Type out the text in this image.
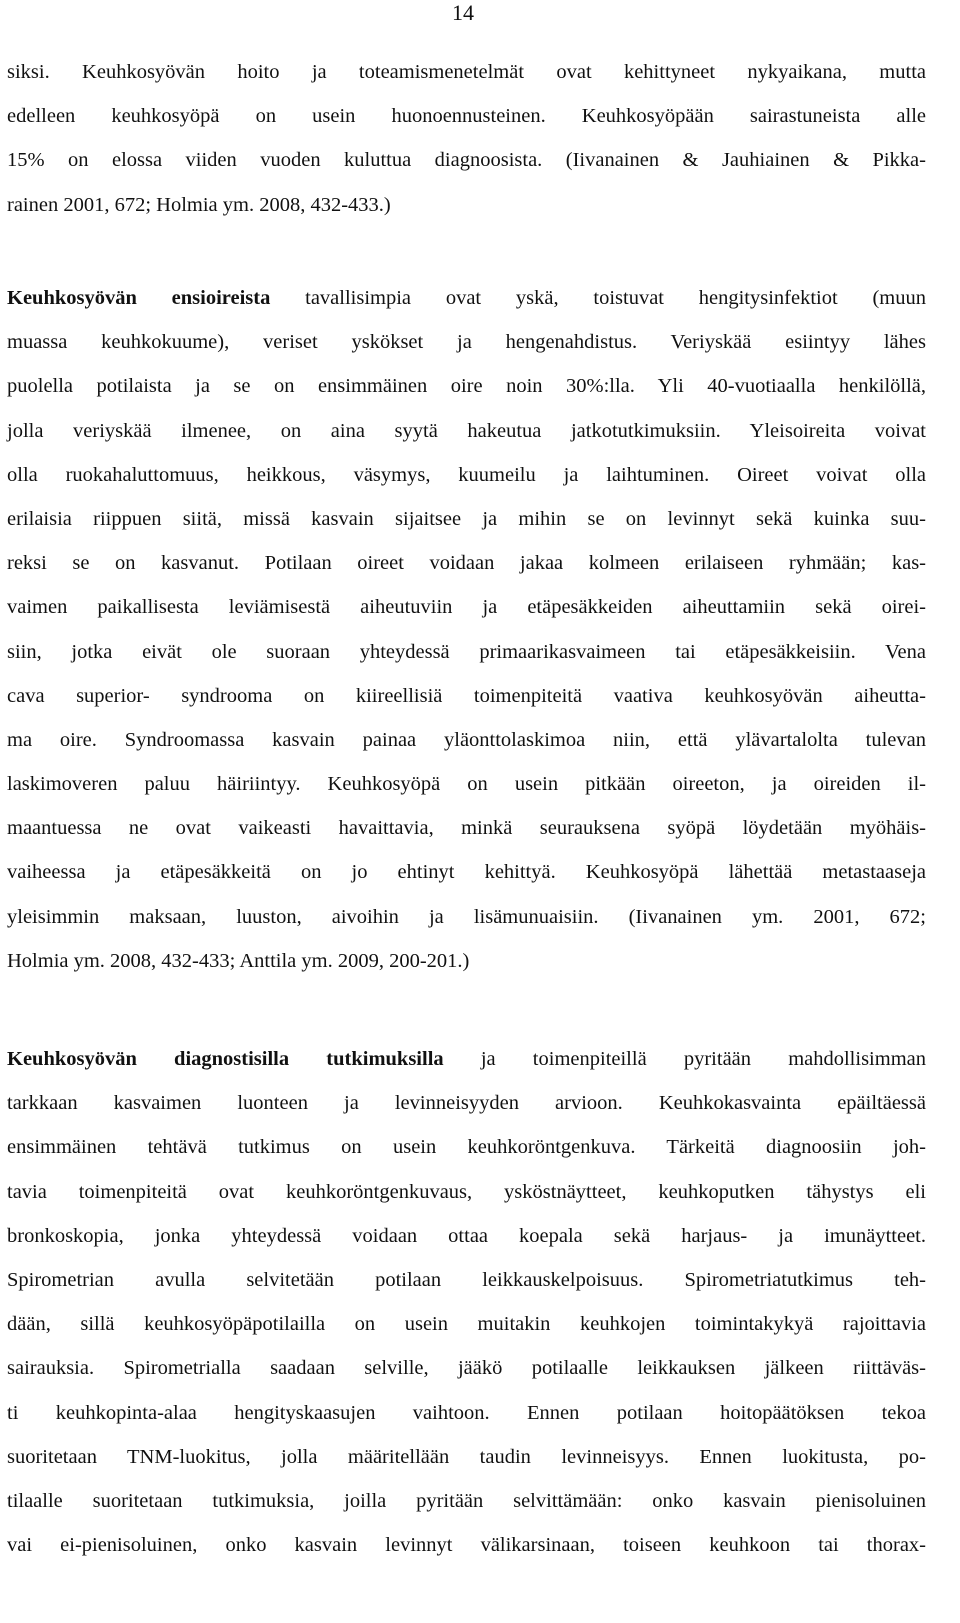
14
siksi. Keuhkosyövän hoito ja toteamismenetelmät ovat kehittyneet nykyaikana, mutta
edelleen keuhkosyöpä on usein huonoennusteinen. Keuhkosyöpään sairastuneista alle
15% on elossa viiden vuoden kuluttua diagnoosista. (Iivanainen & Jauhiainen & Pikka-
rainen 2001, 672; Holmia ym. 2008, 432-433.)
Keuhkosyövän ensioireista tavallisimpia ovat yskä, toistuvat hengitysinfektiot (muun
muassa keuhkokuume), veriset yskökset ja hengenahdistus. Veriyskää esiintyy lähes
puolella potilaista ja se on ensimmäinen oire noin 30%:lla. Yli 40-vuotiaalla henkilöllä,
jolla veriyskää ilmenee, on aina syytä hakeutua jatkotutkimuksiin. Yleisoireita voivat
olla ruokahaluttomuus, heikkous, väsymys, kuumeilu ja laihtuminen. Oireet voivat olla
erilaisia riippuen siitä, missä kasvain sijaitsee ja mihin se on levinnyt sekä kuinka suu-
reksi se on kasvanut. Potilaan oireet voidaan jakaa kolmeen erilaiseen ryhmään; kas-
vaimen paikallisesta leviämisestä aiheutuviin ja etäpesäkkeiden aiheuttamiin sekä oirei-
siin, jotka eivät ole suoraan yhteydessä primaarikasvaimeen tai etäpesäkkeisiin. Vena
cava superior- syndrooma on kiireellisiä toimenpiteitä vaativa keuhkosyövän aiheutta-
ma oire. Syndroomassa kasvain painaa yläonttolaskimoa niin, että ylävartalolta tulevan
laskimoveren paluu häiriintyy. Keuhkosyöpä on usein pitkään oireeton, ja oireiden il-
maantuessa ne ovat vaikeasti havaittavia, minkä seurauksena syöpä löydetään myöhäis-
vaiheessa ja etäpesäkkeitä on jo ehtinyt kehittyä. Keuhkosyöpä lähettää metastaaseja
yleisimmin maksaan, luuston, aivoihin ja lisämunuaisiin. (Iivanainen ym. 2001, 672;
Holmia ym. 2008, 432-433; Anttila ym. 2009, 200-201.)
Keuhkosyövän diagnostisilla tutkimuksilla ja toimenpiteillä pyritään mahdollisimman
tarkkaan kasvaimen luonteen ja levinneisyyden arvioon. Keuhkokasvainta epäiltäessä
ensimmäinen tehtävä tutkimus on usein keuhkoröntgenkuva. Tärkeitä diagnoosiin joh-
tavia toimenpiteitä ovat keuhkoröntgenkuvaus, ysköstnäytteet, keuhkoputken tähystys eli
bronkoskopia, jonka yhteydessä voidaan ottaa koepala sekä harjaus- ja imunäytteet.
Spirometrian avulla selvitetään potilaan leikkauskelpoisuus. Spirometriatutkimus teh-
dään, sillä keuhkosyöpäpotilailla on usein muitakin keuhkojen toimintakykyä rajoittavia
sairauksia. Spirometrialla saadaan selville, jääkö potilaalle leikkauksen jälkeen riittäväs-
ti keuhkopinta-alaa hengityskaasujen vaihtoon. Ennen potilaan hoitopäätöksen tekoa
suoritetaan TNM-luokitus, jolla määritellään taudin levinneisyys. Ennen luokitusta, po-
tilaalle suoritetaan tutkimuksia, joilla pyritään selvittämään: onko kasvain pienisoluinen
vai ei-pienisoluinen, onko kasvain levinnyt välikarsinaan, toiseen keuhkoon tai thorax-
